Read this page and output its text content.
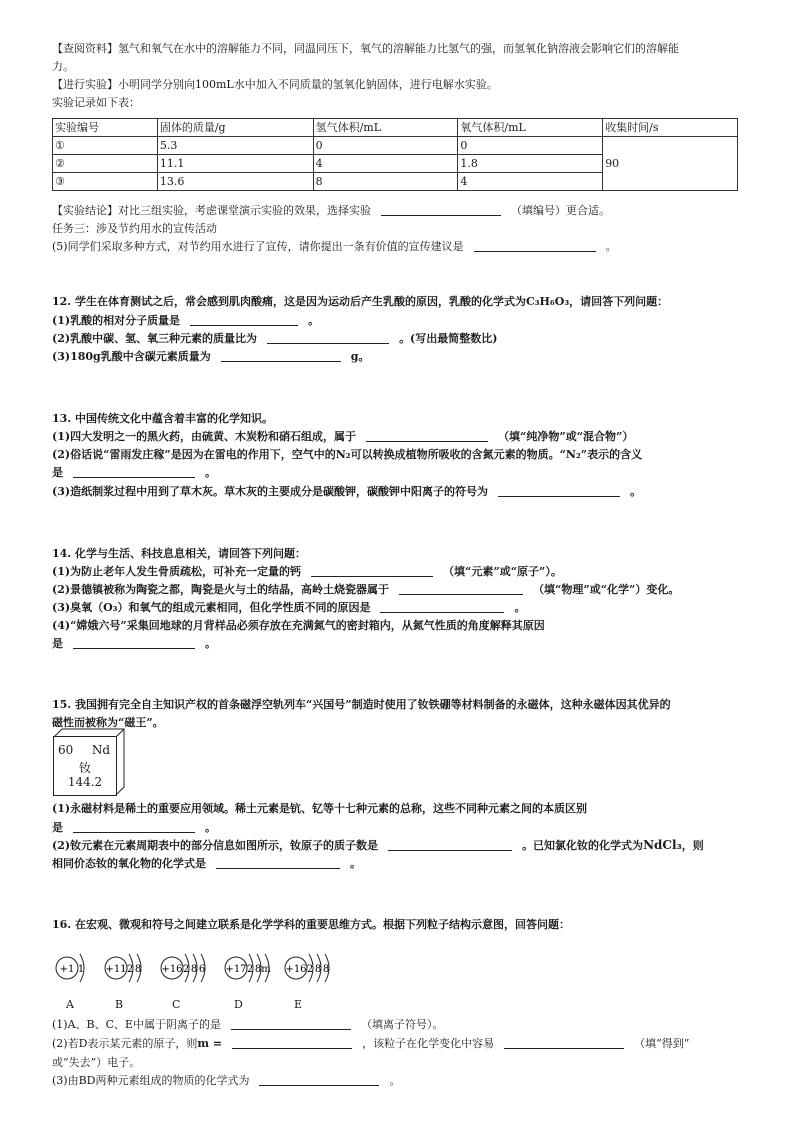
【查阅资料】氢气和氧气在水中的溶解能力不同，同温同压下，氧气的溶解能力比氢气的强，而氢氧化钠溶液会影响它们的溶解能
力。
【进行实验】小明同学分别向100mL水中加入不同质量的氢氧化钠固体，进行电解水实验。
实验记录如下表：
实验编号	固体的质量/g	氢气体积/mL	氧气体积/mL	收集时间/s
①	5.3	0	0	90
②	11.1	4	1.8	
③	13.6	8	4	
【实验结论】对比三组实验，考虑课堂演示实验的效果，选择实验	（填编号）更合适。
任务三：涉及节约用水的宣传活动
(5)同学们采取多种方式，对节约用水进行了宣传，请你提出一条有价值的宣传建议是	。
12. 学生在体育测试之后，常会感到肌肉酸痛，这是因为运动后产生乳酸的原因，乳酸的化学式为C₃H₆O₃，请回答下列问题：
(1)乳酸的相对分子质量是	。
(2)乳酸中碳、氢、氧三种元素的质量比为	。(写出最简整数比)
(3)180g乳酸中含碳元素质量为	g。
13. 中国传统文化中蕴含着丰富的化学知识。
(1)四大发明之一的黑火药，由硫黄、木炭粉和硝石组成，属于	（填“纯净物”或“混合物”）
(2)俗话说“雷雨发庄稼”是因为在雷电的作用下，空气中的N₂可以转换成植物所吸收的含氮元素的物质。“N₂”表示的含义
是	。
(3)造纸制浆过程中用到了草木灰。草木灰的主要成分是碳酸钾，碳酸钾中阳离子的符号为	。
14. 化学与生活、科技息息相关，请回答下列问题：
(1)为防止老年人发生骨质疏松，可补充一定量的钙	（填“元素”或“原子”）。
(2)景德镇被称为陶瓷之都，陶瓷是火与土的结晶，高岭土烧瓷器属于	（填“物理”或“化学”）变化。
(3)臭氧（O₃）和氧气的组成元素相同，但化学性质不同的原因是	。
(4)“嫦娥六号”采集回地球的月背样品必须存放在充满氮气的密封箱内，从氮气性质的角度解释其原因
是	。
15. 我国拥有完全自主知识产权的首条磁浮空轨列车“兴国号”制造时使用了钕铁硼等材料制备的永磁体，这种永磁体因其优异的
磁性而被称为“磁王”。
60 Nd
钕
144.2
(1)永磁材料是稀土的重要应用领域。稀土元素是钪、钇等十七种元素的总称，这些不同种元素之间的本质区别
是	。
(2)钕元素在元素周期表中的部分信息如图所示，钕原子的质子数是	。已知氯化钕的化学式为NdCl₃，则
相同价态钕的氧化物的化学式是	。
16. 在宏观、微观和符号之间建立联系是化学学科的重要思维方式。根据下列粒子结构示意图，回答问题：
+1 1 +11 2 8 +16 2 8 6 +17 2 8 m +16 2 8 8
A	B	C	D	E
(1)A、B、C、E中属于阴离子的是	（填离子符号）。
(2)若D表示某元素的原子，则m =	，该粒子在化学变化中容易	（填“得到”
或“失去”）电子。
(3)由BD两种元素组成的物质的化学式为	。
